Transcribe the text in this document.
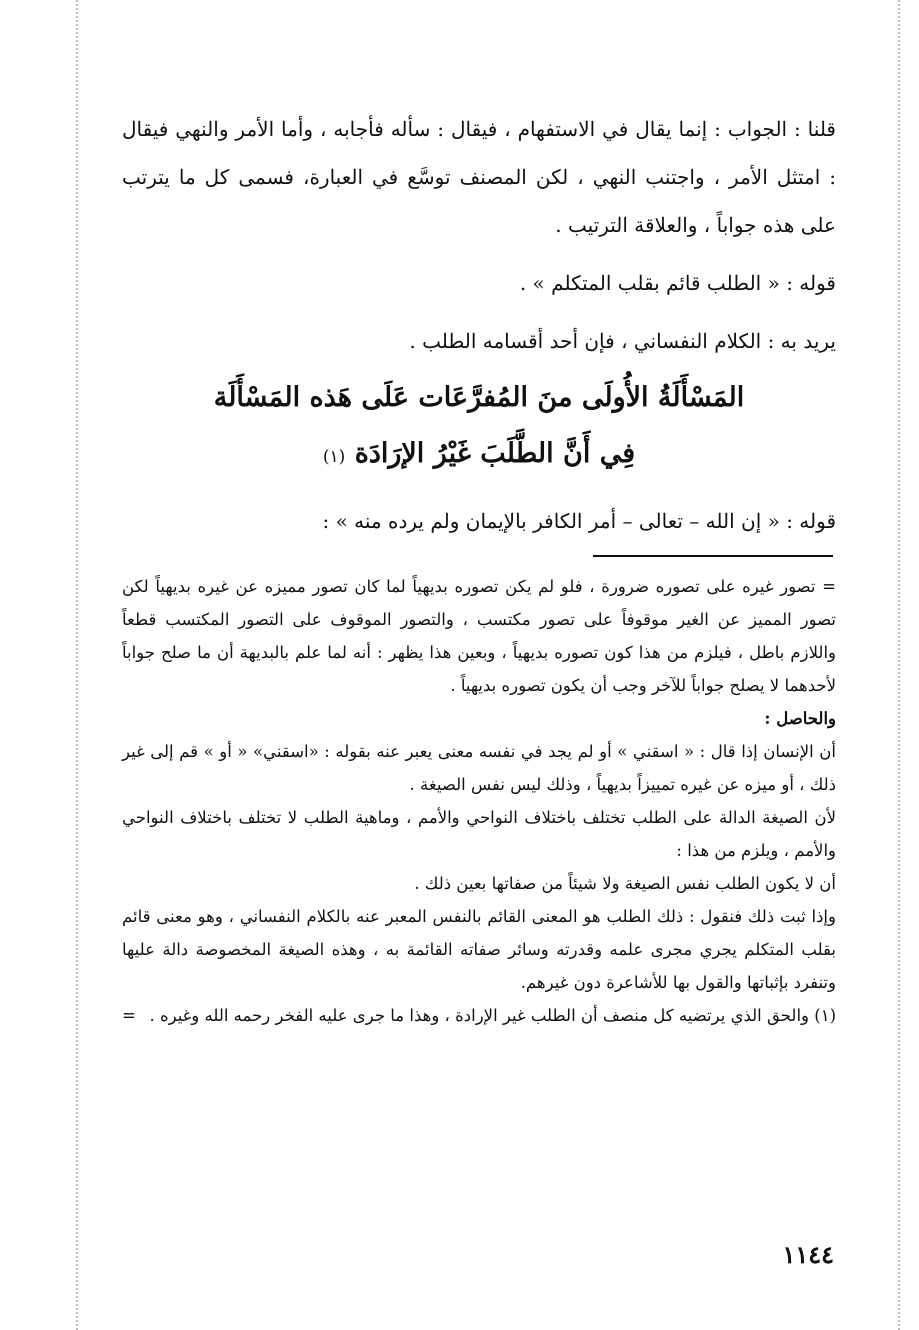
قلنا : الجواب : إنما يقال في الاستفهام ، فيقال : سأله فأجابه ، وأما الأمر والنهي فيقال : امتثل الأمر ، واجتنب النهي ، لكن المصنف توسَّع في العبارة، فسمى كل ما يترتب على هذه جواباً ، والعلاقة الترتيب .

قوله : « الطلب قائم بقلب المتكلم » .

يريد به : الكلام النفساني ، فإن أحد أقسامه الطلب .

المَسْأَلَةُ الأُولَى منَ المُفرَّعَات عَلَى هَذه المَسْأَلَة
فِي أَنَّ الطَّلَبَ غَيْرُ الإرَادَة (١)
قوله : « إن الله – تعالى – أمر الكافر بالإيمان ولم يرده منه » :

= تصور غيره على تصوره ضرورة ، فلو لم يكن تصوره بديهياً لما كان تصور مميزه عن غيره بديهياً لكن تصور المميز عن الغير موقوفاً على تصور مكتسب ، والتصور الموقوف على التصور المكتسب قطعاً واللازم باطل ، فيلزم من هذا كون تصوره بديهياً ، وبعين هذا يظهر : أنه لما علم بالبديهة أن ما صلح جواباً لأحدهما لا يصلح جواباً للآخر وجب أن يكون تصوره بديهياً .

والحاصل :

أن الإنسان إذا قال : « اسقني » أو لم يجد في نفسه معنى يعبر عنه بقوله : «اسقني» « أو » قم إلى غير ذلك ، أو ميزه عن غيره تمييزاً بديهياً ، وذلك ليس نفس الصيغة .

لأن الصيغة الدالة على الطلب تختلف باختلاف النواحي والأمم ، وماهية الطلب لا تختلف باختلاف النواحي والأمم ، ويلزم من هذا :

أن لا يكون الطلب نفس الصيغة ولا شيئاً من صفاتها بعين ذلك .

وإذا ثبت ذلك فنقول : ذلك الطلب هو المعنى القائم بالنفس المعبر عنه بالكلام النفساني ، وهو معنى قائم بقلب المتكلم يجري مجرى علمه وقدرته وسائر صفاته القائمة به ، وهذه الصيغة المخصوصة دالة عليها وتنفرد بإثباتها والقول بها للأشاعرة دون غيرهم.

(١) والحق الذي يرتضيه كل منصف أن الطلب غير الإرادة ، وهذا ما جرى عليه الفخر رحمه الله وغيره .
=

١١٤٤
